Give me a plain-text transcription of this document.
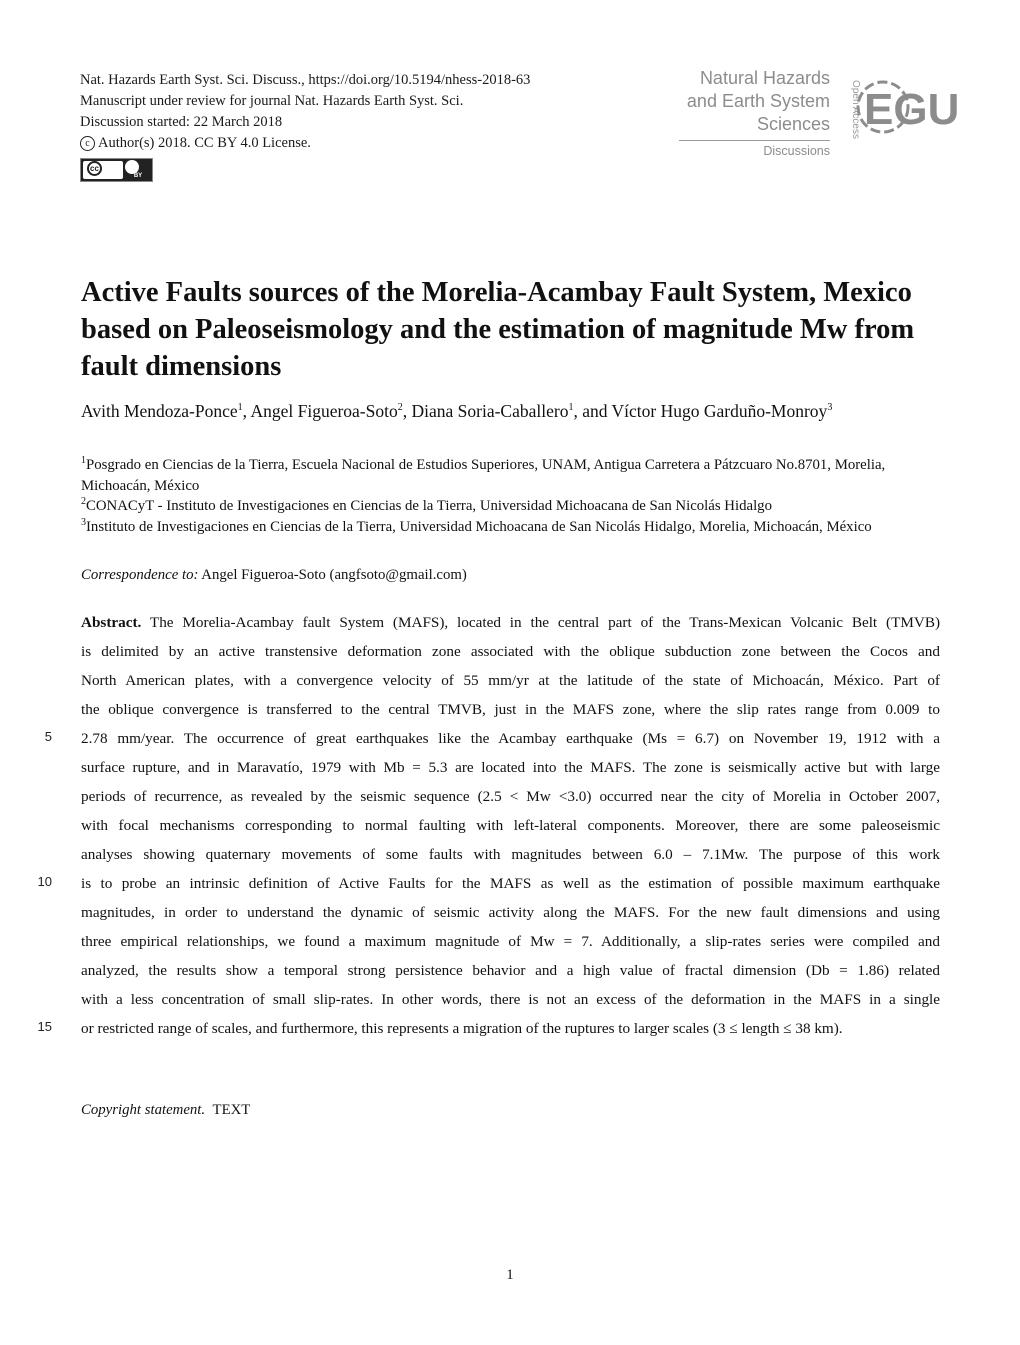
Nat. Hazards Earth Syst. Sci. Discuss., https://doi.org/10.5194/nhess-2018-63
Manuscript under review for journal Nat. Hazards Earth Syst. Sci.
Discussion started: 22 March 2018
c Author(s) 2018. CC BY 4.0 License.
cc
BY
Natural Hazards
and Earth System
Sciences
Discussions
Open Access EGU
Active Faults sources of the Morelia-Acambay Fault System, Mexico based on Paleoseismology and the estimation of magnitude Mw from fault dimensions
Avith Mendoza-Ponce$^1$, Angel Figueroa-Soto$^2$, Diana Soria-Caballero$^1$, and Víctor Hugo Garduño-Monroy$^3$
$^1$Posgrado en Ciencias de la Tierra, Escuela Nacional de Estudios Superiores, UNAM, Antigua Carretera a Pátzcuaro No.8701, Morelia, Michoacán, México
$^2$CONACyT - Instituto de Investigaciones en Ciencias de la Tierra, Universidad Michoacana de San Nicolás Hidalgo
$^3$Instituto de Investigaciones en Ciencias de la Tierra, Universidad Michoacana de San Nicolás Hidalgo, Morelia, Michoacán, México
Correspondence to: Angel Figueroa-Soto (angfsoto@gmail.com)
Abstract. The Morelia-Acambay fault System (MAFS), located in the central part of the Trans-Mexican Volcanic Belt (TMVB)
is delimited by an active transtensive deformation zone associated with the oblique subduction zone between the Cocos and
North American plates, with a convergence velocity of 55 mm/yr at the latitude of the state of Michoacán, México. Part of
the oblique convergence is transferred to the central TMVB, just in the MAFS zone, where the slip rates range from 0.009 to
5 2.78 mm/year. The occurrence of great earthquakes like the Acambay earthquake (Ms = 6.7) on November 19, 1912 with a
surface rupture, and in Maravatío, 1979 with Mb = 5.3 are located into the MAFS. The zone is seismically active but with large
periods of recurrence, as revealed by the seismic sequence (2.5 < Mw <3.0) occurred near the city of Morelia in October 2007,
with focal mechanisms corresponding to normal faulting with left-lateral components. Moreover, there are some paleoseismic
analyses showing quaternary movements of some faults with magnitudes between 6.0 – 7.1Mw. The purpose of this work
10 is to probe an intrinsic definition of Active Faults for the MAFS as well as the estimation of possible maximum earthquake
magnitudes, in order to understand the dynamic of seismic activity along the MAFS. For the new fault dimensions and using
three empirical relationships, we found a maximum magnitude of Mw = 7. Additionally, a slip-rates series were compiled and
analyzed, the results show a temporal strong persistence behavior and a high value of fractal dimension (Db = 1.86) related
with a less concentration of small slip-rates. In other words, there is not an excess of the deformation in the MAFS in a single
15 or restricted range of scales, and furthermore, this represents a migration of the ruptures to larger scales (3 ≤ length ≤ 38 km).
Copyright statement. TEXT
1
